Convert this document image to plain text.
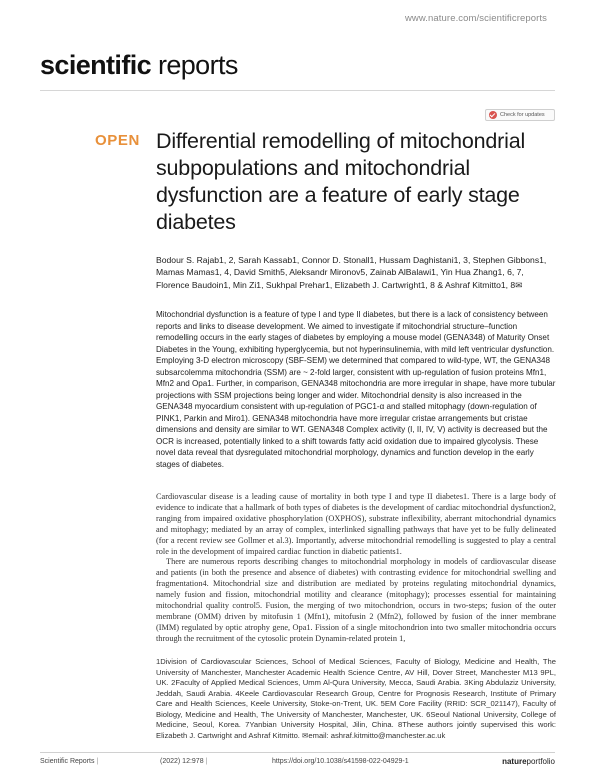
www.nature.com/scientificreports
scientific reports
Check for updates
OPEN Differential remodelling of mitochondrial subpopulations and mitochondrial dysfunction are a feature of early stage diabetes
Bodour S. Rajab1, 2, Sarah Kassab1, Connor D. Stonall1, Hussam Daghistani1, 3, Stephen Gibbons1, Mamas Mamas1, 4, David Smith5, Aleksandr Mironov5, Zainab AlBalawi1, Yin Hua Zhang1, 6, 7, Florence Baudoin1, Min Zi1, Sukhpal Prehar1, Elizabeth J. Cartwright1, 8 & Ashraf Kitmitto1, 8✉
Mitochondrial dysfunction is a feature of type I and type II diabetes, but there is a lack of consistency between reports and links to disease development. We aimed to investigate if mitochondrial structure–function remodelling occurs in the early stages of diabetes by employing a mouse model (GENA348) of Maturity Onset Diabetes in the Young, exhibiting hyperglycemia, but not hyperinsulinemia, with mild left ventricular dysfunction. Employing 3-D electron microscopy (SBF-SEM) we determined that compared to wild-type, WT, the GENA348 subsarcolemma mitochondria (SSM) are ~ 2-fold larger, consistent with up-regulation of fusion proteins Mfn1, Mfn2 and Opa1. Further, in comparison, GENA348 mitochondria are more irregular in shape, have more tubular projections with SSM projections being longer and wider. Mitochondrial density is also increased in the GENA348 myocardium consistent with up-regulation of PGC1-α and stalled mitophagy (down-regulation of PINK1, Parkin and Miro1). GENA348 mitochondria have more irregular cristae arrangements but cristae dimensions and density are similar to WT. GENA348 Complex activity (I, II, IV, V) activity is decreased but the OCR is increased, potentially linked to a shift towards fatty acid oxidation due to impaired glycolysis. These novel data reveal that dysregulated mitochondrial morphology, dynamics and function develop in the early stages of diabetes.

Cardiovascular disease is a leading cause of mortality in both type I and type II diabetes1. There is a large body of evidence to indicate that a hallmark of both types of diabetes is the development of cardiac mitochondrial dysfunction2, ranging from impaired oxidative phosphorylation (OXPHOS), substrate inflexibility, aberrant mitochondrial dynamics and mitophagy; mediated by an array of complex, interlinked signalling pathways that have yet to be fully delineated (for a recent review see Gollmer et al.3). Importantly, adverse mitochondrial remodelling is suggested to play a central role in the development of impaired cardiac function in diabetic patients1.

There are numerous reports describing changes to mitochondrial morphology in models of cardiovascular disease and patients (in both the presence and absence of diabetes) with contrasting evidence for mitochondrial swelling and fragmentation4. Mitochondrial size and distribution are mediated by proteins regulating mitochondrial dynamics, namely fusion and fission, mitochondrial motility and clearance (mitophagy); processes essential for maintaining mitochondrial quality control5. Fusion, the merging of two mitochondrion, occurs in two-steps; fusion of the outer membrane (OMM) driven by mitofusin 1 (Mfn1), mitofusin 2 (Mfn2), followed by fusion of the inner membrane (IMM) regulated by optic atrophy gene, Opa1. Fission of a single mitochondrion into two smaller mitochondria occurs through the recruitment of the cytosolic protein Dynamin-related protein 1,

1Division of Cardiovascular Sciences, School of Medical Sciences, Faculty of Biology, Medicine and Health, The University of Manchester, Manchester Academic Health Science Centre, AV Hill, Dover Street, Manchester M13 9PL, UK. 2Faculty of Applied Medical Sciences, Umm Al-Qura University, Mecca, Saudi Arabia. 3King Abdulaziz University, Jeddah, Saudi Arabia. 4Keele Cardiovascular Research Group, Centre for Prognosis Research, Institute of Primary Care and Health Sciences, Keele University, Stoke-on-Trent, UK. 5EM Core Facility (RRID: SCR_021147), Faculty of Biology, Medicine and Health, The University of Manchester, Manchester, UK. 6Seoul National University, College of Medicine, Seoul, Korea. 7Yanbian University Hospital, Jilin, China. 8These authors jointly supervised this work: Elizabeth J. Cartwright and Ashraf Kitmitto. ✉email: ashraf.kitmitto@manchester.ac.uk
Scientific Reports |	(2022) 12:978 |	https://doi.org/10.1038/s41598-022-04929-1	natureportfolio
